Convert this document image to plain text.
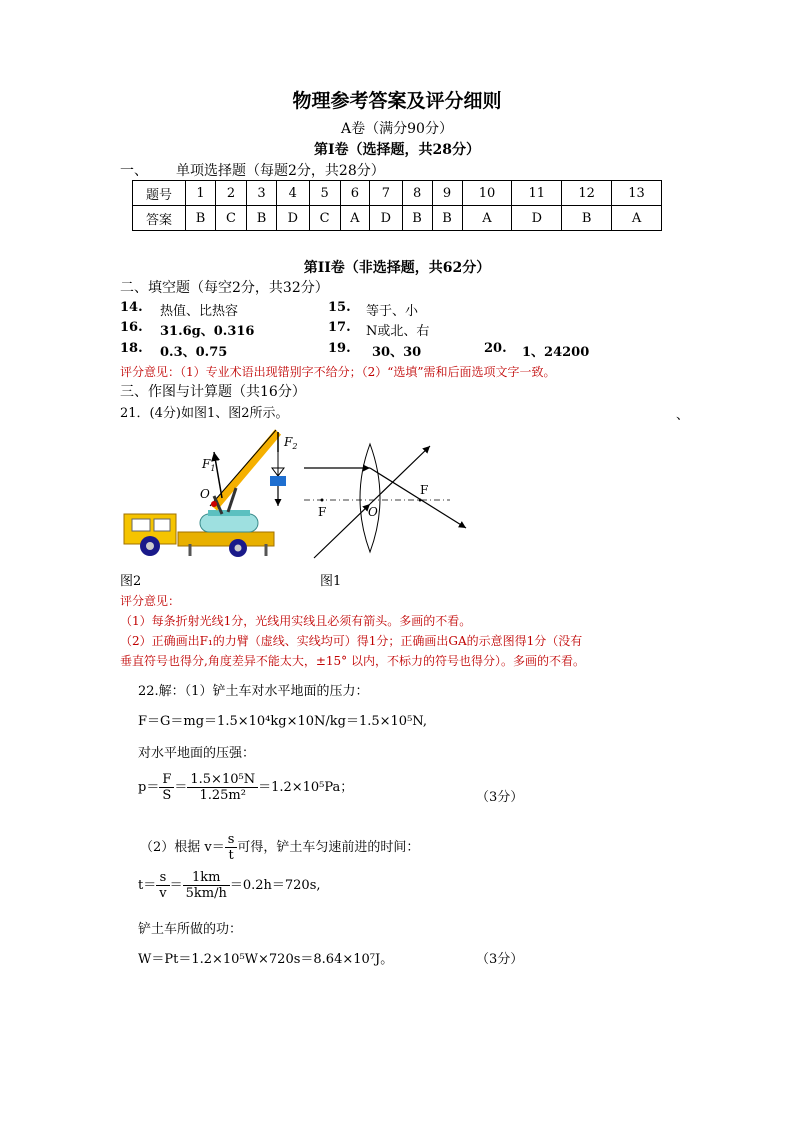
物理参考答案及评分细则
A卷（满分90分）
第Ⅰ卷（选择题，共28分）
一、 单项选择题（每题2分，共28分）
题号	1	2	3	4	5	6	7	8	9	10	11	12	13
答案	B	C	B	D	C	A	D	B	B	A	D	B	A
第II卷（非选择题，共62分）
二、填空题（每空2分，共32分）
14. 热值、比热容	15. 等于、小
16. 31.6g、0.316	17. N或北、右
18. 0.3、0.75	19. 30、30	20. 1、24200
评分意见：（1）专业术语出现错别字不给分；（2）“选填”需和后面选项文字一致。
三、作图与计算题（共16分）
21．(4分)如图1、图2所示。	、
$F_1$
$F_2$
O
F
F
O
图2	图1
评分意见：
（1）每条折射光线1分，光线用实线且必须有箭头。多画的不看。
（2）正确画出F₁的力臂（虚线、实线均可）得1分；正确画出GA的示意图得1分（没有
垂直符号也得分,角度差异不能太大，±15° 以内，不标力的符号也得分）。多画的不看。
22.解：（1）铲土车对水平地面的压力：
F＝G＝mg＝1.5×10⁴kg×10N/kg＝1.5×10⁵N,
对水平地面的压强：
$p= \frac{F}{S} = \frac{\text{1.5×10⁵N}}{\text{1.25m²}} =1.2\times 10^5Pa$；
（3分）
（2）根据 $v= \frac{s}{t}$ 可得，铲土车匀速前进的时间：
$t= \frac{s}{v} = \frac{1km}{5km/h} =0.2h=720s$,
铲土车所做的功：
W＝Pt＝1.2×10⁵W×720s＝8.64×10⁷J。	（3分）
